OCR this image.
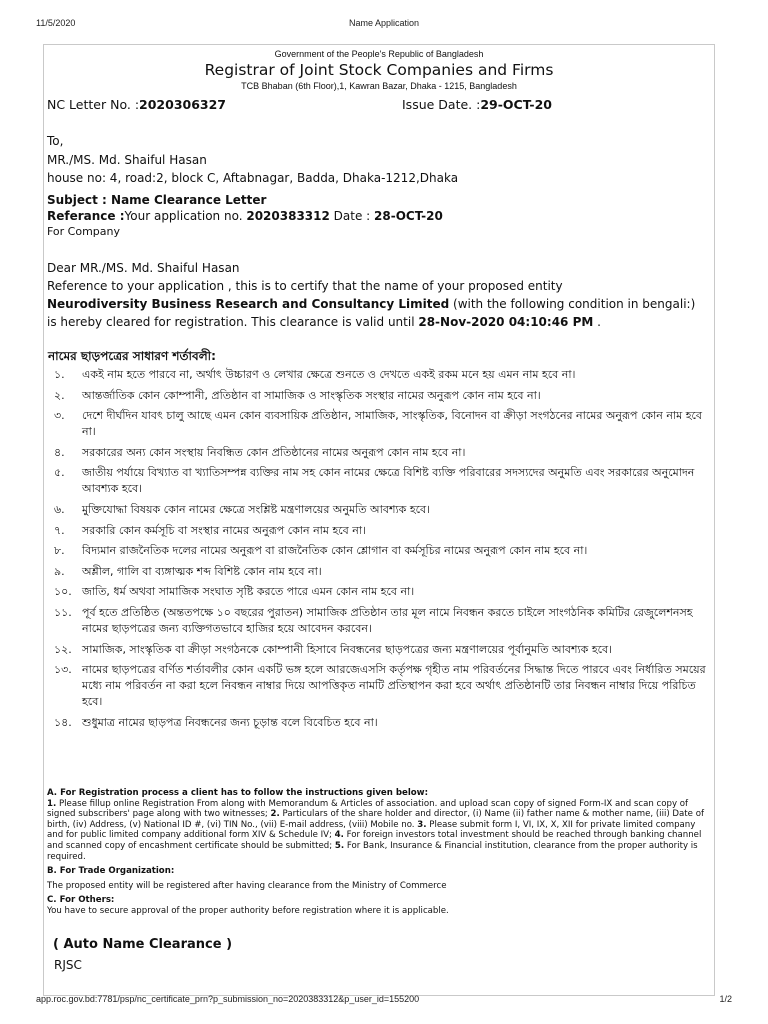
11/5/2020	Name Application
Government of the People's Republic of Bangladesh
Registrar of Joint Stock Companies and Firms
TCB Bhaban (6th Floor),1, Kawran Bazar, Dhaka - 1215, Bangladesh
NC Letter No. :2020306327	Issue Date. :29-OCT-20
To,
MR./MS. Md. Shaiful Hasan
house no: 4, road:2, block C, Aftabnagar, Badda, Dhaka-1212,Dhaka
Subject : Name Clearance Letter
Referance :Your application no. 2020383312 Date : 28-OCT-20
For Company
Dear MR./MS. Md. Shaiful Hasan
Reference to your application , this is to certify that the name of your proposed entity
Neurodiversity Business Research and Consultancy Limited (with the following condition in bengali:) is hereby cleared for registration. This clearance is valid until 28-Nov-2020 04:10:46 PM .
নামের ছাড়পত্রের সাধারণ শর্তাবলী:
১. একই নাম হতে পারবে না, অর্থাৎ উচ্চারণ ও লেখার ক্ষেত্রে শুনতে ও দেখতে একই রকম মনে হয় এমন নাম হবে না।
২. আন্তর্জাতিক কোন কোম্পানী, প্রতিষ্ঠান বা সামাজিক ও সাংস্কৃতিক সংস্থার নামের অনুরূপ কোন নাম হবে না।
৩. দেশে দীর্ঘদিন যাবৎ চালু আছে এমন কোন ব্যবসায়িক প্রতিষ্ঠান, সামাজিক, সাংস্কৃতিক, বিনোদন বা ক্রীড়া সংগঠনের নামের অনুরূপ কোন নাম হবে না।
৪. সরকারের অন্য কোন সংস্থায় নিবন্ধিত কোন প্রতিষ্ঠানের নামের অনুরূপ কোন নাম হবে না।
৫. জাতীয় পর্যায়ে বিখ্যাত বা খ্যাতিসম্পন্ন ব্যক্তির নাম সহ কোন নামের ক্ষেত্রে বিশিষ্ট ব্যক্তি পরিবারের সদস্যদের অনুমতি এবং সরকারের অনুমোদন আবশ্যক হবে।
৬. মুক্তিযোদ্ধা বিষয়ক কোন নামের ক্ষেত্রে সংশ্লিষ্ট মন্ত্রণালয়ের অনুমতি আবশ্যক হবে।
৭. সরকারি কোন কর্মসূচি বা সংস্থার নামের অনুরূপ কোন নাম হবে না।
৮. বিদ্যমান রাজনৈতিক দলের নামের অনুরূপ বা রাজনৈতিক কোন শ্লোগান বা কর্মসূচির নামের অনুরূপ কোন নাম হবে না।
৯. অশ্লীল, গালি বা ব্যঙ্গাত্মক শব্দ বিশিষ্ট কোন নাম হবে না।
১০. জাতি, ধর্ম অথবা সামাজিক সংঘাত সৃষ্টি করতে পারে এমন কোন নাম হবে না।
১১. পূর্ব হতে প্রতিষ্ঠিত (অন্ততপক্ষে ১০ বছরের পুরাতন) সামাজিক প্রতিষ্ঠান তার মূল নামে নিবন্ধন করতে চাইলে সাংগঠনিক কমিটির রেজুলেশনসহ নামের ছাড়পত্রের জন্য ব্যক্তিগতভাবে হাজির হয়ে আবেদন করবেন।
১২. সামাজিক, সাংস্কৃতিক বা ক্রীড়া সংগঠনকে কোম্পানী হিসাবে নিবন্ধনের ছাড়পত্রের জন্য মন্ত্রণালয়ের পূর্বানুমতি আবশ্যক হবে।
১৩. নামের ছাড়পত্রের বর্ণিত শর্তাবলীর কোন একটি ভঙ্গ হলে আরজেএসসি কর্তৃপক্ষ গৃহীত নাম পরিবর্তনের সিদ্ধান্ত দিতে পারবে এবং নির্ধারিত সময়ের মধ্যে নাম পরিবর্তন না করা হলে নিবন্ধন নাম্বার দিয়ে আপত্তিকৃত নামটি প্রতিস্থাপন করা হবে অর্থাৎ প্রতিষ্ঠানটি তার নিবন্ধন নাম্বার দিয়ে পরিচিত হবে।
১৪. শুধুমাত্র নামের ছাড়পত্র নিবন্ধনের জন্য চূড়ান্ত বলে বিবেচিত হবে না।

A. For Registration process a client has to follow the instructions given below:
1. Please fillup online Registration From along with Memorandum & Articles of association. and upload scan copy of signed Form-IX and scan copy of signed subscribers' page along with two witnesses; 2. Particulars of the share holder and director, (i) Name (ii) father name & mother name, (iii) Date of birth, (iv) Address, (v) National ID #, (vi) TIN No., (vii) E-mail address, (viii) Mobile no. 3. Please submit form I, VI, IX, X, XII for private limited company and for public limited company additional form XIV & Schedule IV; 4. For foreign investors total investment should be reached through banking channel and scanned copy of encashment certificate should be submitted; 5. For Bank, Insurance & Financial institution, clearance from the proper authority is required.

B. For Trade Organization:

The proposed entity will be registered after having clearance from the Ministry of Commerce

C. For Others:
You have to secure approval of the proper authority before registration where it is applicable.

( Auto Name Clearance )
RJSC
app.roc.gov.bd:7781/psp/nc_certificate_prn?p_submission_no=2020383312&p_user_id=155200	1/2
